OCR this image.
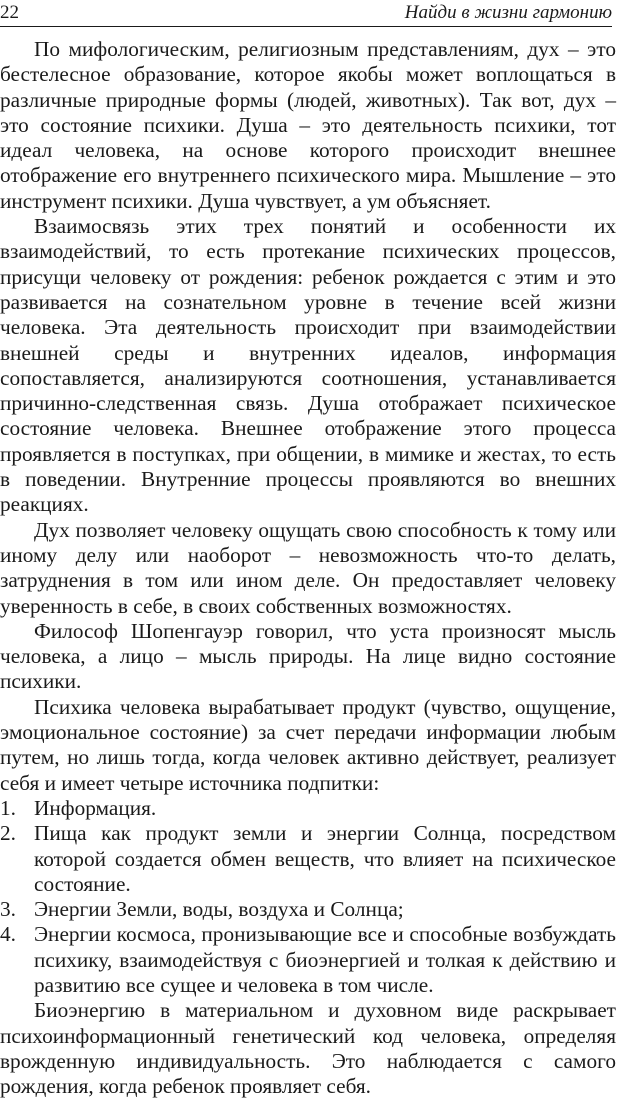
22	Найди в жизни гармонию

По мифологическим, религиозным представлениям, дух – это бестелесное образование, которое якобы может воплощаться в различные природные формы (людей, животных). Так вот, дух – это состояние психики. Душа – это деятельность психики, тот идеал человека, на основе которого происходит внешнее отображение его внутреннего психического мира. Мышление – это инструмент психики. Душа чувствует, а ум объясняет.

Взаимосвязь этих трех понятий и особенности их взаимодействий, то есть протекание психических процессов, присущи человеку от рождения: ребенок рождается с этим и это развивается на сознательном уровне в течение всей жизни человека. Эта деятельность происходит при взаимодействии внешней среды и внутренних идеалов, информация сопоставляется, анализируются соотношения, устанавливается причинно-следственная связь. Душа отображает психическое состояние человека. Внешнее отображение этого процесса проявляется в поступках, при общении, в мимике и жестах, то есть в поведении. Внутренние процессы проявляются во внешних реакциях.

Дух позволяет человеку ощущать свою способность к тому или иному делу или наоборот – невозможность что-то делать, затруднения в том или ином деле. Он предоставляет человеку уверенность в себе, в своих собственных возможностях.

Философ Шопенгауэр говорил, что уста произносят мысль человека, а лицо – мысль природы. На лице видно состояние психики.

Психика человека вырабатывает продукт (чувство, ощущение, эмоциональное состояние) за счет передачи информации любым путем, но лишь тогда, когда человек активно действует, реализует себя и имеет четыре источника подпитки:

1. Информация.
2. Пища как продукт земли и энергии Солнца, посредством которой создается обмен веществ, что влияет на психическое состояние.
3. Энергии Земли, воды, воздуха и Солнца;
4. Энергии космоса, пронизывающие все и способные возбуждать психику, взаимодействуя с биоэнергией и толкая к действию и развитию все сущее и человека в том числе.

Биоэнергию в материальном и духовном виде раскрывает психоинформационный генетический код человека, определяя врожденную индивидуальность. Это наблюдается с самого рождения, когда ребенок проявляет себя.
